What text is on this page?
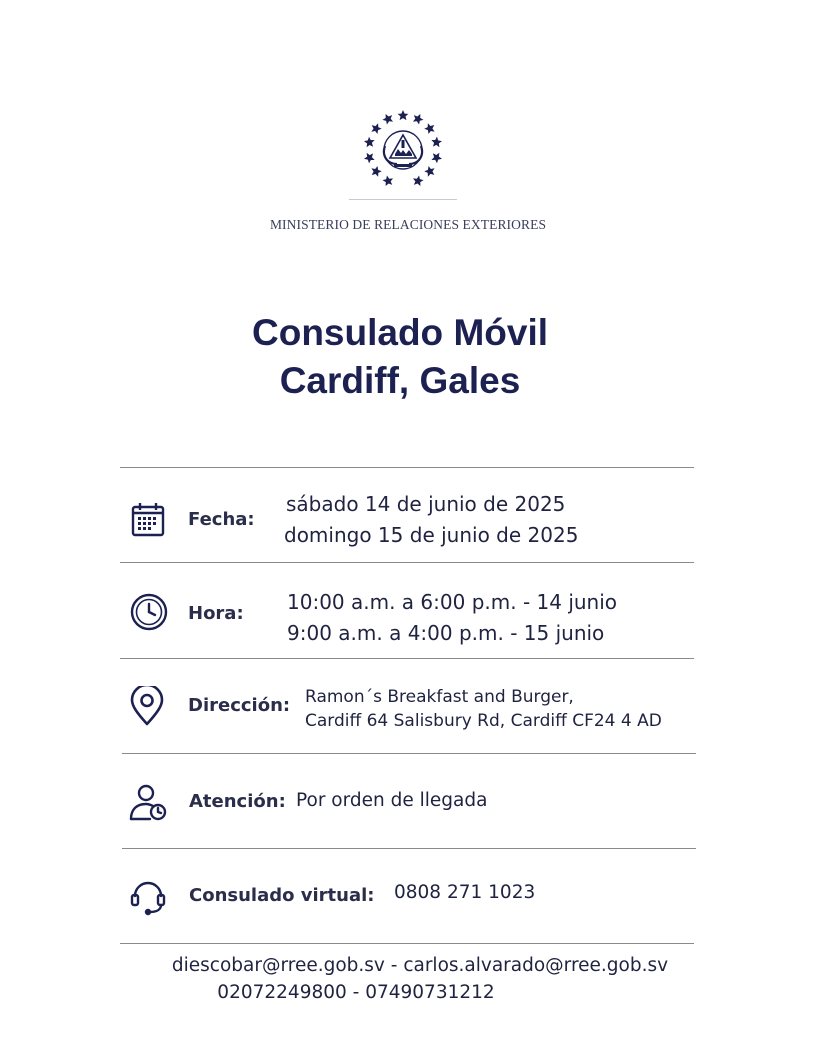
MINISTERIO DE RELACIONES EXTERIORES
Consulado Móvil
Cardiff, Gales
Fecha:
sábado 14 de junio de 2025
domingo 15 de junio de 2025
Hora: 10:00 a.m. a 6:00 p.m. - 14 junio
9:00 a.m. a 4:00 p.m. - 15 junio
Dirección: Ramon´s Breakfast and Burger,
Cardiff 64 Salisbury Rd, Cardiff CF24 4 AD
Atención: Por orden de llegada
Consulado virtual: 0808 271 1023
diescobar@rree.gob.sv - carlos.alvarado@rree.gob.sv
02072249800 - 07490731212
